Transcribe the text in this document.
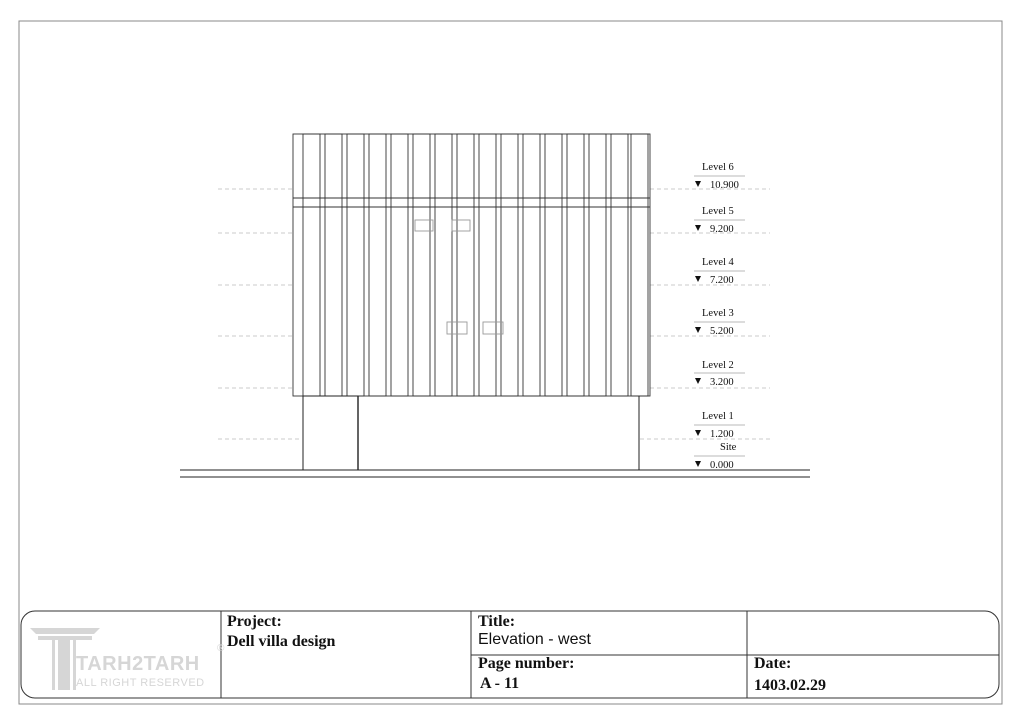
Level 6
10.900
Level 5
9.200
Level 4
7.200
Level 3
5.200
Level 2
3.200
Level 1
1.200
Site
0.000
TARH2TARH
ALL RIGHT RESERVED
®
Project:
Dell villa design
Title:
Elevation - west
Page number:
A - 11
Date:
1403.02.29
